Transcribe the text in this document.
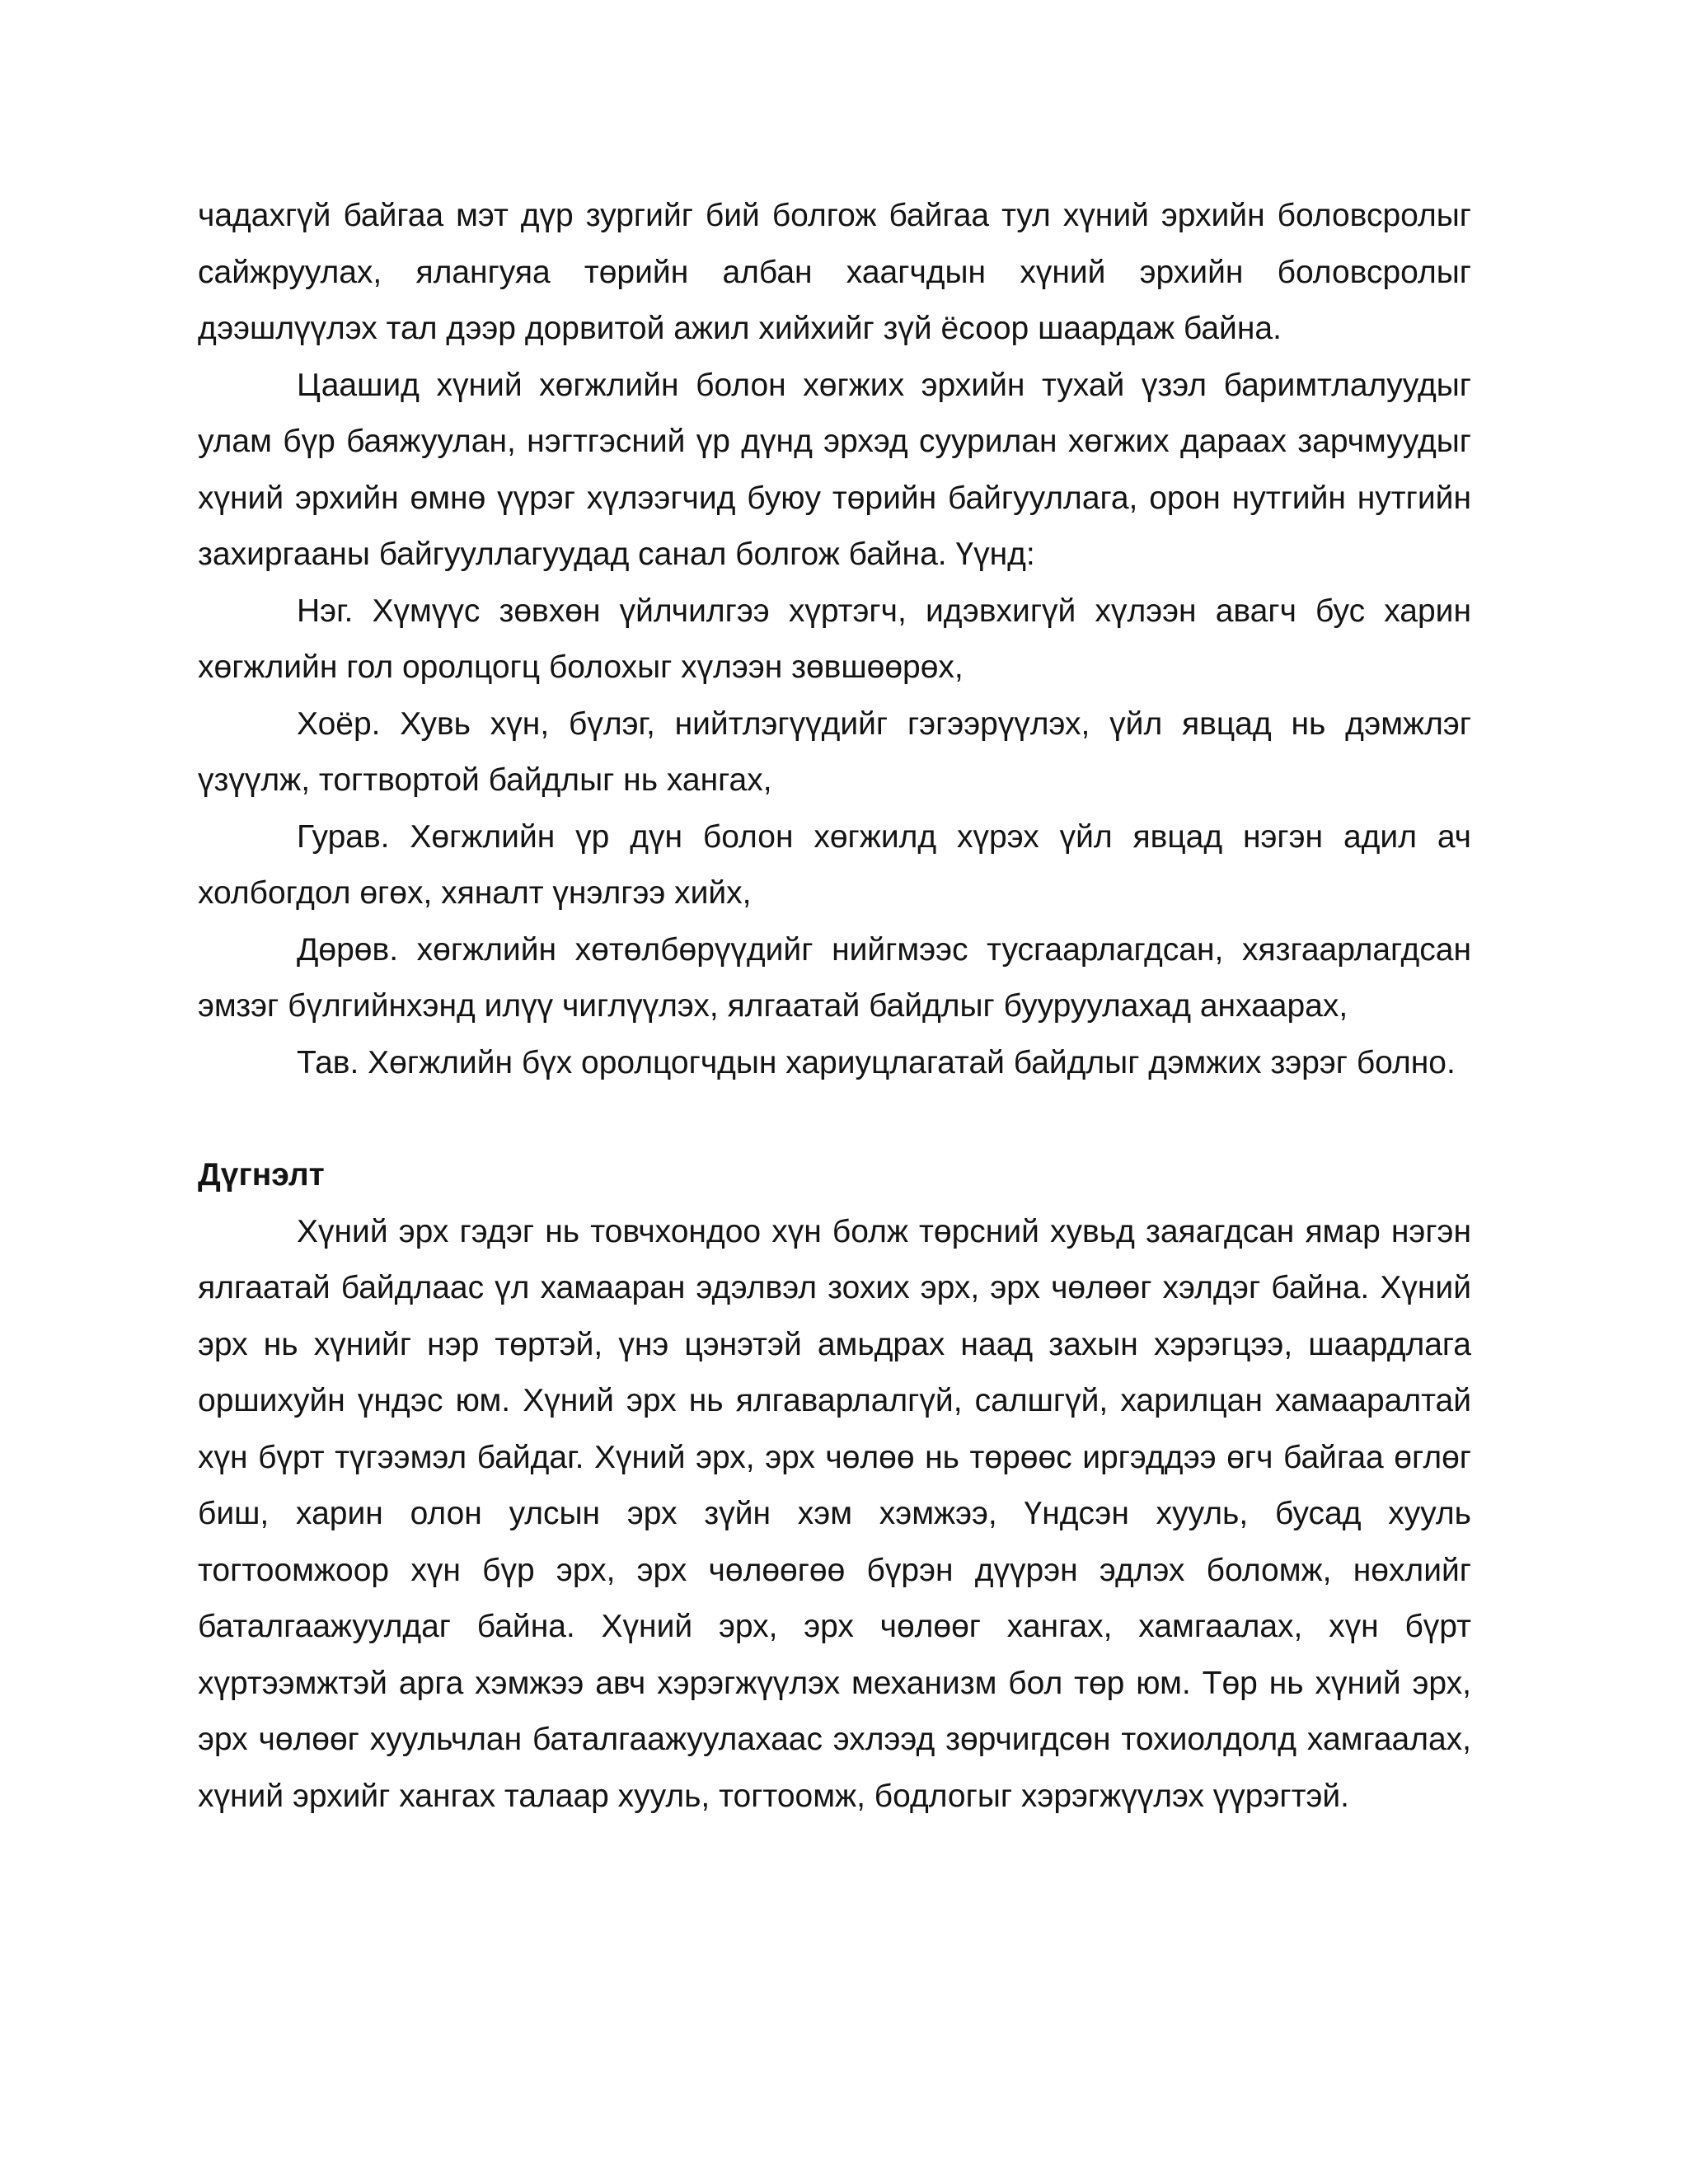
чадахгүй байгаа мэт дүр зургийг бий болгож байгаа тул хүний эрхийн боловсролыг сайжруулах, ялангуяа төрийн албан хаагчдын хүний эрхийн боловсролыг дээшлүүлэх тал дээр дорвитой ажил хийхийг зүй ёсоор шаардаж байна.

Цаашид хүний хөгжлийн болон хөгжих эрхийн тухай үзэл баримтлалуудыг улам бүр баяжуулан, нэгтгэсний үр дүнд эрхэд суурилан хөгжих дараах зарчмуудыг хүний эрхийн өмнө үүрэг хүлээгчид буюу төрийн байгууллага, орон нутгийн нутгийн захиргааны байгууллагуудад санал болгож байна. Үүнд:

Нэг. Хүмүүс зөвхөн үйлчилгээ хүртэгч, идэвхигүй хүлээн авагч бус харин хөгжлийн гол оролцогц болохыг хүлээн зөвшөөрөх,

Хоёр. Хувь хүн, бүлэг, нийтлэгүүдийг гэгээрүүлэх, үйл явцад нь дэмжлэг үзүүлж, тогтвортой байдлыг нь хангах,

Гурав. Хөгжлийн үр дүн болон хөгжилд хүрэх үйл явцад нэгэн адил ач холбогдол өгөх, хяналт үнэлгээ хийх,

Дөрөв. хөгжлийн хөтөлбөрүүдийг нийгмээс тусгаарлагдсан, хязгаарлагдсан эмзэг бүлгийнхэнд илүү чиглүүлэх, ялгаатай байдлыг бууруулахад анхаарах,

Тав. Хөгжлийн бүх оролцогчдын хариуцлагатай байдлыг дэмжих зэрэг болно.

Дүгнэлт

Хүний эрх гэдэг нь товчхондоо хүн болж төрсний хувьд заяагдсан ямар нэгэн ялгаатай байдлаас үл хамааран эдэлвэл зохих эрх, эрх чөлөөг хэлдэг байна. Хүний эрх нь хүнийг нэр төртэй, үнэ цэнэтэй амьдрах наад захын хэрэгцээ, шаардлага оршихуйн үндэс юм. Хүний эрх нь ялгаварлалгүй, салшгүй, харилцан хамааралтай хүн бүрт түгээмэл байдаг. Хүний эрх, эрх чөлөө нь төрөөс иргэддээ өгч байгаа өглөг биш, харин олон улсын эрх зүйн хэм хэмжээ, Үндсэн хууль, бусад хууль тогтоомжоор хүн бүр эрх, эрх чөлөөгөө бүрэн дүүрэн эдлэх боломж, нөхлийг баталгаажуулдаг байна. Хүний эрх, эрх чөлөөг хангах, хамгаалах, хүн бүрт хүртээмжтэй арга хэмжээ авч хэрэгжүүлэх механизм бол төр юм. Төр нь хүний эрх, эрх чөлөөг хуульчлан баталгаажуулахаас эхлээд зөрчигдсөн тохиолдолд хамгаалах, хүний эрхийг хангах талаар хууль, тогтоомж, бодлогыг хэрэгжүүлэх үүрэгтэй.
